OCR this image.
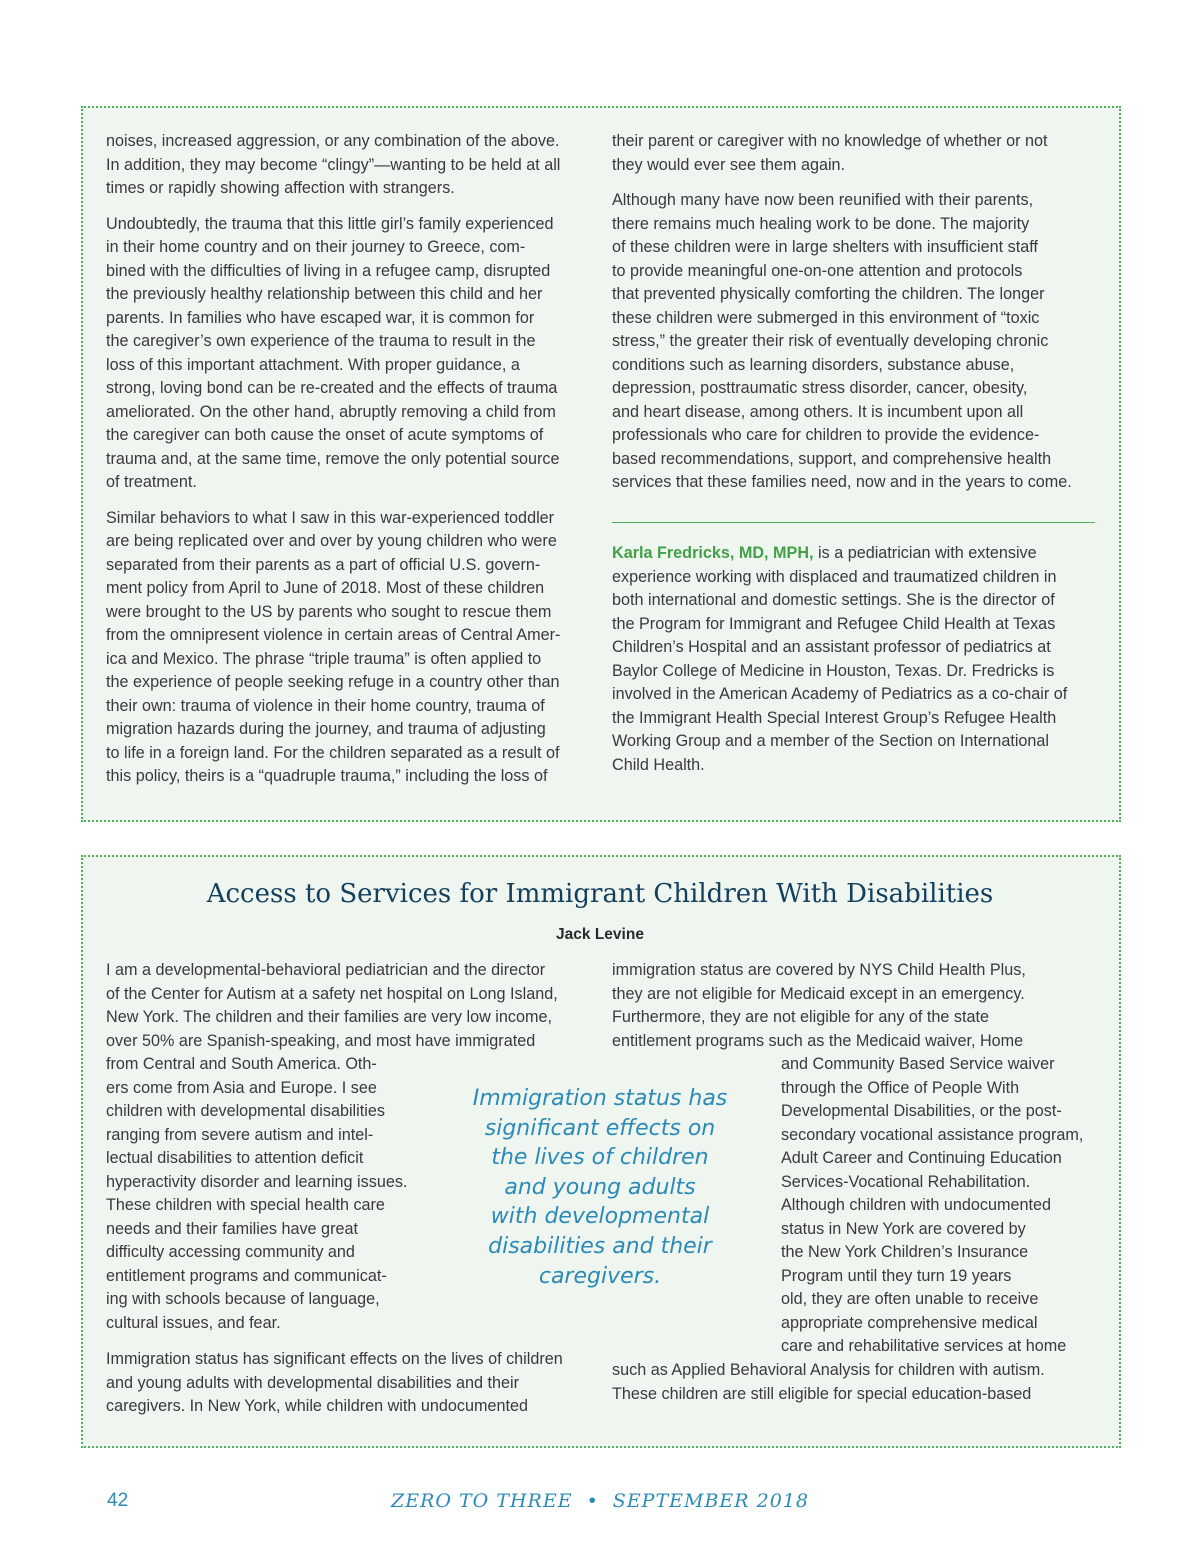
noises, increased aggression, or any combination of the above.
In addition, they may become “clingy”—wanting to be held at all
times or rapidly showing affection with strangers.

Undoubtedly, the trauma that this little girl’s family experienced
in their home country and on their journey to Greece, com-
bined with the difficulties of living in a refugee camp, disrupted
the previously healthy relationship between this child and her
parents. In families who have escaped war, it is common for
the caregiver’s own experience of the trauma to result in the
loss of this important attachment. With proper guidance, a
strong, loving bond can be re-created and the effects of trauma
ameliorated. On the other hand, abruptly removing a child from
the caregiver can both cause the onset of acute symptoms of
trauma and, at the same time, remove the only potential source
of treatment.

Similar behaviors to what I saw in this war-experienced toddler
are being replicated over and over by young children who were
separated from their parents as a part of official U.S. govern-
ment policy from April to June of 2018. Most of these children
were brought to the US by parents who sought to rescue them
from the omnipresent violence in certain areas of Central Amer-
ica and Mexico. The phrase “triple trauma” is often applied to
the experience of people seeking refuge in a country other than
their own: trauma of violence in their home country, trauma of
migration hazards during the journey, and trauma of adjusting
to life in a foreign land. For the children separated as a result of
this policy, theirs is a “quadruple trauma,” including the loss of

their parent or caregiver with no knowledge of whether or not
they would ever see them again.

Although many have now been reunified with their parents,
there remains much healing work to be done. The majority
of these children were in large shelters with insufficient staff
to provide meaningful one-on-one attention and protocols
that prevented physically comforting the children. The longer
these children were submerged in this environment of “toxic
stress,” the greater their risk of eventually developing chronic
conditions such as learning disorders, substance abuse,
depression, posttraumatic stress disorder, cancer, obesity,
and heart disease, among others. It is incumbent upon all
professionals who care for children to provide the evidence-
based recommendations, support, and comprehensive health
services that these families need, now and in the years to come.

Karla Fredricks, MD, MPH, is a pediatrician with extensive
experience working with displaced and traumatized children in
both international and domestic settings. She is the director of
the Program for Immigrant and Refugee Child Health at Texas
Children’s Hospital and an assistant professor of pediatrics at
Baylor College of Medicine in Houston, Texas. Dr. Fredricks is
involved in the American Academy of Pediatrics as a co-chair of
the Immigrant Health Special Interest Group’s Refugee Health
Working Group and a member of the Section on International
Child Health.
Access to Services for Immigrant Children With Disabilities
Jack Levine
I am a developmental-behavioral pediatrician and the director
of the Center for Autism at a safety net hospital on Long Island,
New York. The children and their families are very low income,
over 50% are Spanish-speaking, and most have immigrated
from Central and South America. Oth-
ers come from Asia and Europe. I see
children with developmental disabilities
ranging from severe autism and intel-
lectual disabilities to attention deficit
hyperactivity disorder and learning issues.
These children with special health care
needs and their families have great
difficulty accessing community and
entitlement programs and communicat-
ing with schools because of language,
cultural issues, and fear.
Immigration status has significant effects on the lives of children
and young adults with developmental disabilities and their
caregivers. In New York, while children with undocumented
immigration status are covered by NYS Child Health Plus,
they are not eligible for Medicaid except in an emergency.
Furthermore, they are not eligible for any of the state
entitlement programs such as the Medicaid waiver, Home
and Community Based Service waiver
through the Office of People With
Developmental Disabilities, or the post-
secondary vocational assistance program,
Adult Career and Continuing Education
Services-Vocational Rehabilitation.
Although children with undocumented
status in New York are covered by
the New York Children’s Insurance
Program until they turn 19 years
old, they are often unable to receive
appropriate comprehensive medical
care and rehabilitative services at home
such as Applied Behavioral Analysis for children with autism.
These children are still eligible for special education-based
Immigration status has
significant effects on
the lives of children
and young adults
with developmental
disabilities and their
caregivers.
42	ZERO TO THREE • SEPTEMBER 2018
